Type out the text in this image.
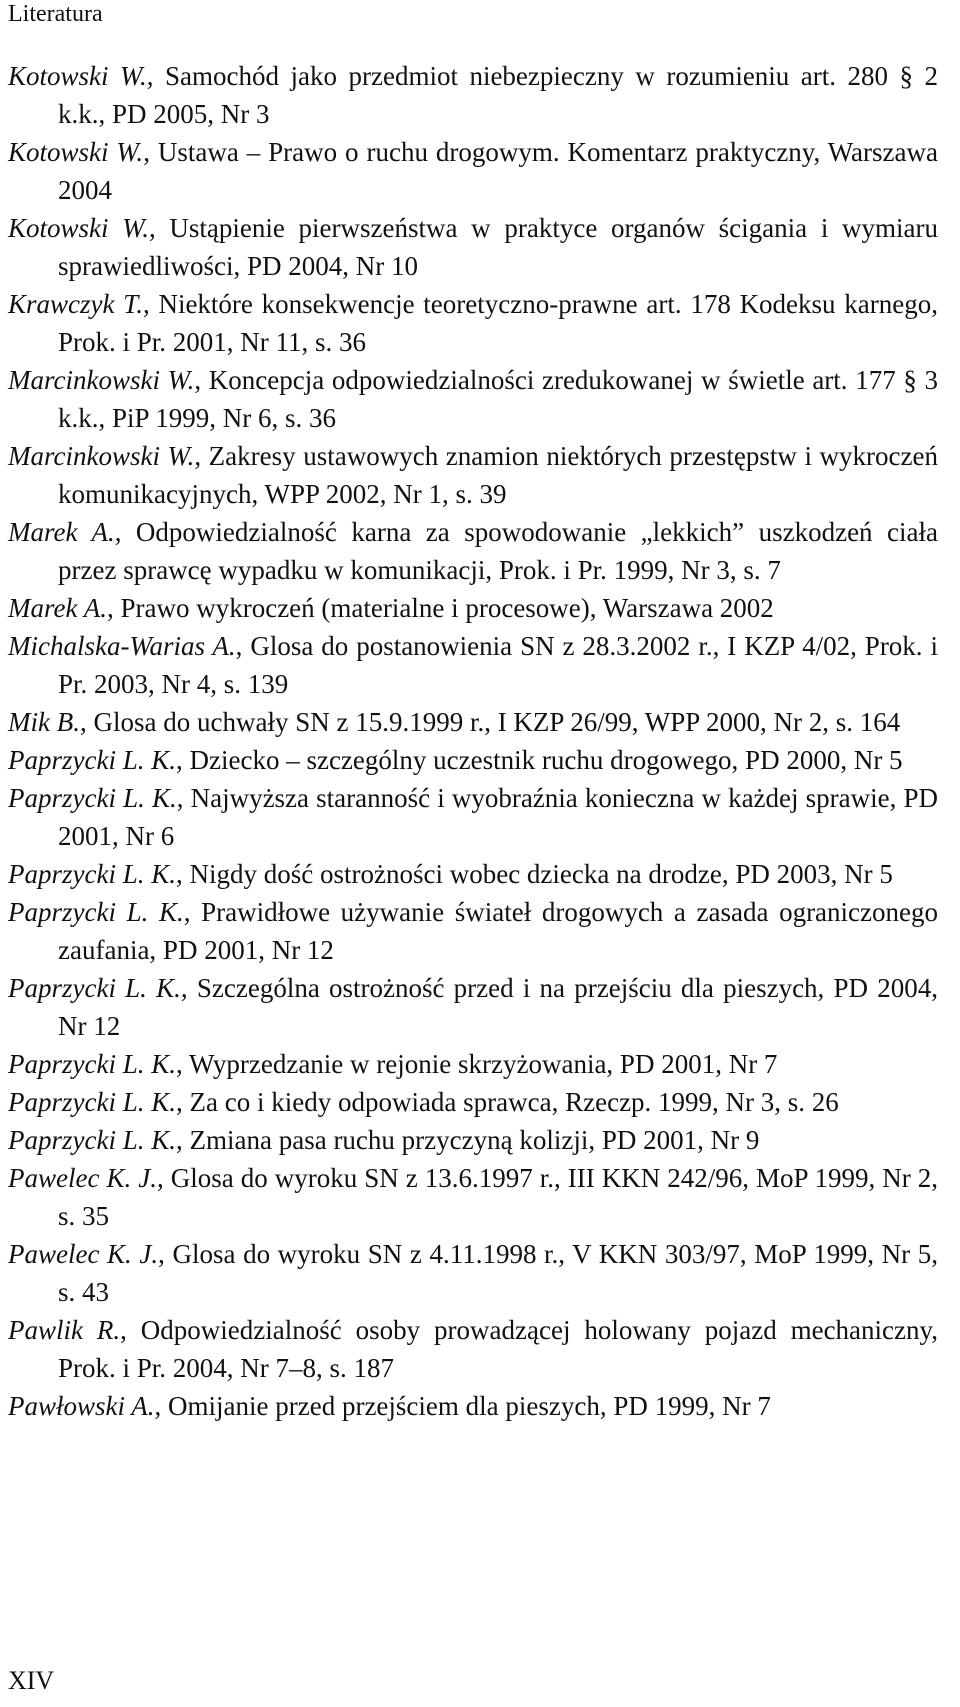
Literatura

Kotowski W., Samochód jako przedmiot niebezpieczny w rozumieniu art. 280 § 2 k.k., PD 2005, Nr 3

Kotowski W., Ustawa – Prawo o ruchu drogowym. Komentarz praktyczny, Warszawa 2004

Kotowski W., Ustąpienie pierwszeństwa w praktyce organów ścigania i wymiaru sprawiedliwości, PD 2004, Nr 10

Krawczyk T., Niektóre konsekwencje teoretyczno-prawne art. 178 Kodeksu karnego, Prok. i Pr. 2001, Nr 11, s. 36

Marcinkowski W., Koncepcja odpowiedzialności zredukowanej w świetle art. 177 § 3 k.k., PiP 1999, Nr 6, s. 36

Marcinkowski W., Zakresy ustawowych znamion niektórych przestępstw i wykroczeń komunikacyjnych, WPP 2002, Nr 1, s. 39

Marek A., Odpowiedzialność karna za spowodowanie „lekkich” uszkodzeń ciała przez sprawcę wypadku w komunikacji, Prok. i Pr. 1999, Nr 3, s. 7

Marek A., Prawo wykroczeń (materialne i procesowe), Warszawa 2002

Michalska-Warias A., Glosa do postanowienia SN z 28.3.2002 r., I KZP 4/02, Prok. i Pr. 2003, Nr 4, s. 139

Mik B., Glosa do uchwały SN z 15.9.1999 r., I KZP 26/99, WPP 2000, Nr 2, s. 164

Paprzycki L. K., Dziecko – szczególny uczestnik ruchu drogowego, PD 2000, Nr 5

Paprzycki L. K., Najwyższa staranność i wyobraźnia konieczna w każdej sprawie, PD 2001, Nr 6

Paprzycki L. K., Nigdy dość ostrożności wobec dziecka na drodze, PD 2003, Nr 5

Paprzycki L. K., Prawidłowe używanie świateł drogowych a zasada ograniczonego zaufania, PD 2001, Nr 12

Paprzycki L. K., Szczególna ostrożność przed i na przejściu dla pieszych, PD 2004, Nr 12

Paprzycki L. K., Wyprzedzanie w rejonie skrzyżowania, PD 2001, Nr 7

Paprzycki L. K., Za co i kiedy odpowiada sprawca, Rzeczp. 1999, Nr 3, s. 26

Paprzycki L. K., Zmiana pasa ruchu przyczyną kolizji, PD 2001, Nr 9

Pawelec K. J., Glosa do wyroku SN z 13.6.1997 r., III KKN 242/96, MoP 1999, Nr 2, s. 35

Pawelec K. J., Glosa do wyroku SN z 4.11.1998 r., V KKN 303/97, MoP 1999, Nr 5, s. 43

Pawlik R., Odpowiedzialność osoby prowadzącej holowany pojazd mechaniczny, Prok. i Pr. 2004, Nr 7–8, s. 187

Pawłowski A., Omijanie przed przejściem dla pieszych, PD 1999, Nr 7

XIV
